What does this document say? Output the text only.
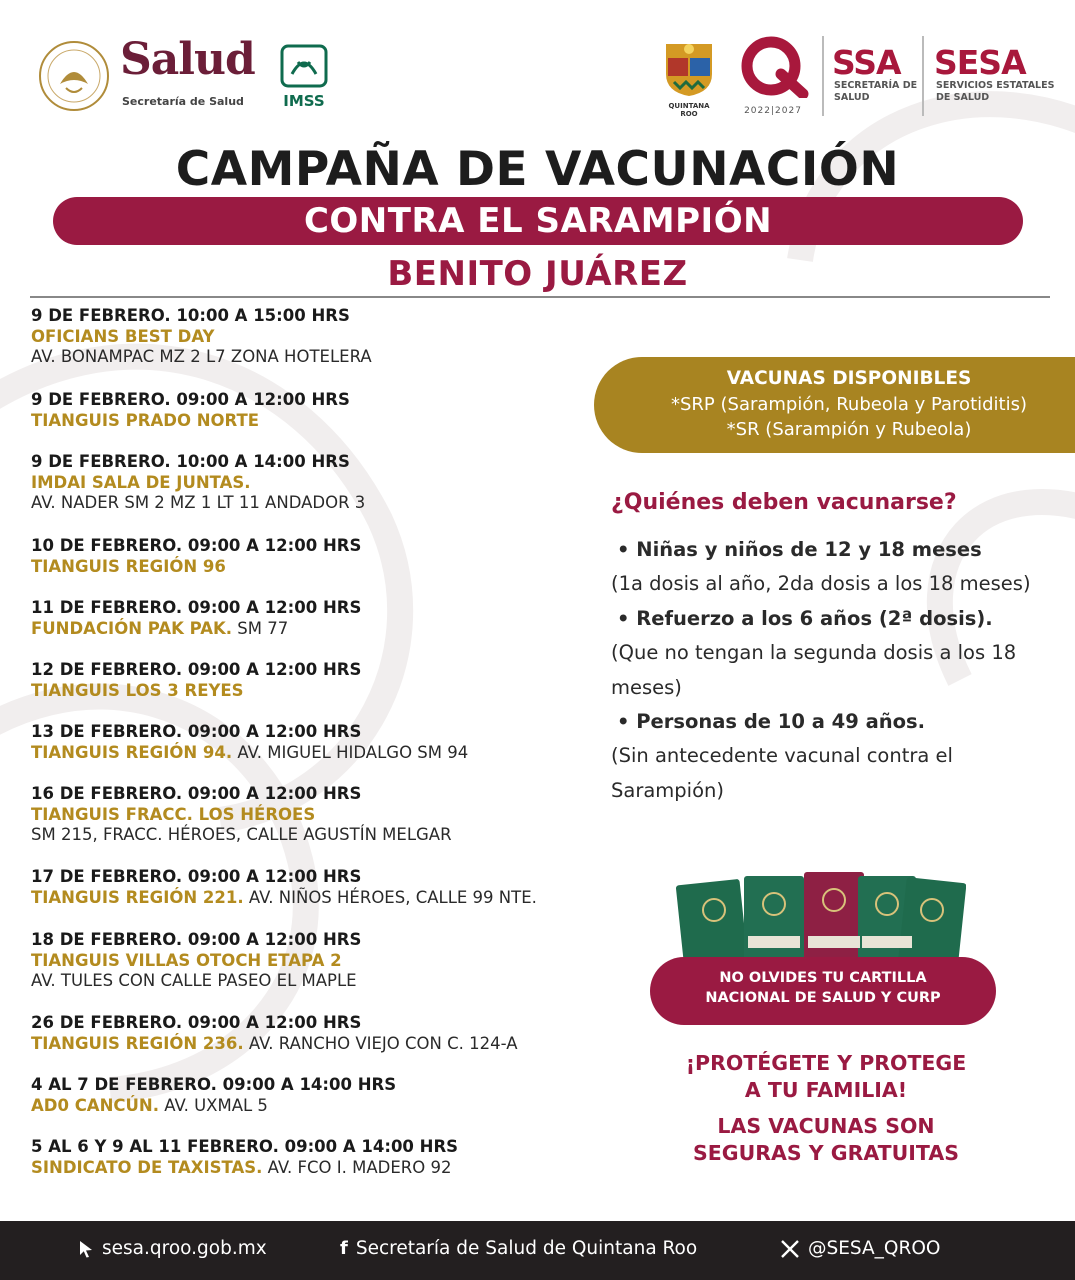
Salud
Secretaría de Salud	IMSS	QUINTANA ROO	2022|2027
SSA
SECRETARÍA DE SALUD
SESA
SERVICIOS ESTATALES DE SALUD
CAMPAÑA DE VACUNACIÓN
CONTRA EL SARAMPIÓN
BENITO JUÁREZ
9 DE FEBRERO. 10:00 A 15:00 HRS
OFICIANS BEST DAY
AV. BONAMPAC MZ 2 L7 ZONA HOTELERA
9 DE FEBRERO. 09:00 A 12:00 HRS
TIANGUIS PRADO NORTE
9 DE FEBRERO. 10:00 A 14:00 HRS
IMDAI SALA DE JUNTAS.
AV. NADER SM 2 MZ 1 LT 11 ANDADOR 3
10 DE FEBRERO. 09:00 A 12:00 HRS
TIANGUIS REGIÓN 96
11 DE FEBRERO. 09:00 A 12:00 HRS
FUNDACIÓN PAK PAK. SM 77
12 DE FEBRERO. 09:00 A 12:00 HRS
TIANGUIS LOS 3 REYES
13 DE FEBRERO. 09:00 A 12:00 HRS
TIANGUIS REGIÓN 94. AV. MIGUEL HIDALGO SM 94
16 DE FEBRERO. 09:00 A 12:00 HRS
TIANGUIS FRACC. LOS HÉROES
SM 215, FRACC. HÉROES, CALLE AGUSTÍN MELGAR
17 DE FEBRERO. 09:00 A 12:00 HRS
TIANGUIS REGIÓN 221. AV. NIÑOS HÉROES, CALLE 99 NTE.
18 DE FEBRERO. 09:00 A 12:00 HRS
TIANGUIS VILLAS OTOCH ETAPA 2
AV. TULES CON CALLE PASEO EL MAPLE
26 DE FEBRERO. 09:00 A 12:00 HRS
TIANGUIS REGIÓN 236. AV. RANCHO VIEJO CON C. 124-A
4 AL 7 DE FEBRERO. 09:00 A 14:00 HRS
AD0 CANCÚN. AV. UXMAL 5
5 AL 6 Y 9 AL 11 FEBRERO. 09:00 A 14:00 HRS
SINDICATO DE TAXISTAS. AV. FCO I. MADERO 92
VACUNAS DISPONIBLES
*SRP (Sarampión, Rubeola y Parotiditis)
*SR (Sarampión y Rubeola)
¿Quiénes deben vacunarse?
• Niñas y niños de 12 y 18 meses
(1a dosis al año, 2da dosis a los 18 meses)
• Refuerzo a los 6 años (2ª dosis).
(Que no tengan la segunda dosis a los 18 meses)
• Personas de 10 a 49 años.
(Sin antecedente vacunal contra el Sarampión)
NO OLVIDES TU CARTILLA
NACIONAL DE SALUD Y CURP
¡PROTÉGETE Y PROTEGE
A TU FAMILIA!
LAS VACUNAS SON
SEGURAS Y GRATUITAS
sesa.qroo.gob.mx	f Secretaría de Salud de Quintana Roo	@SESA_QROO
